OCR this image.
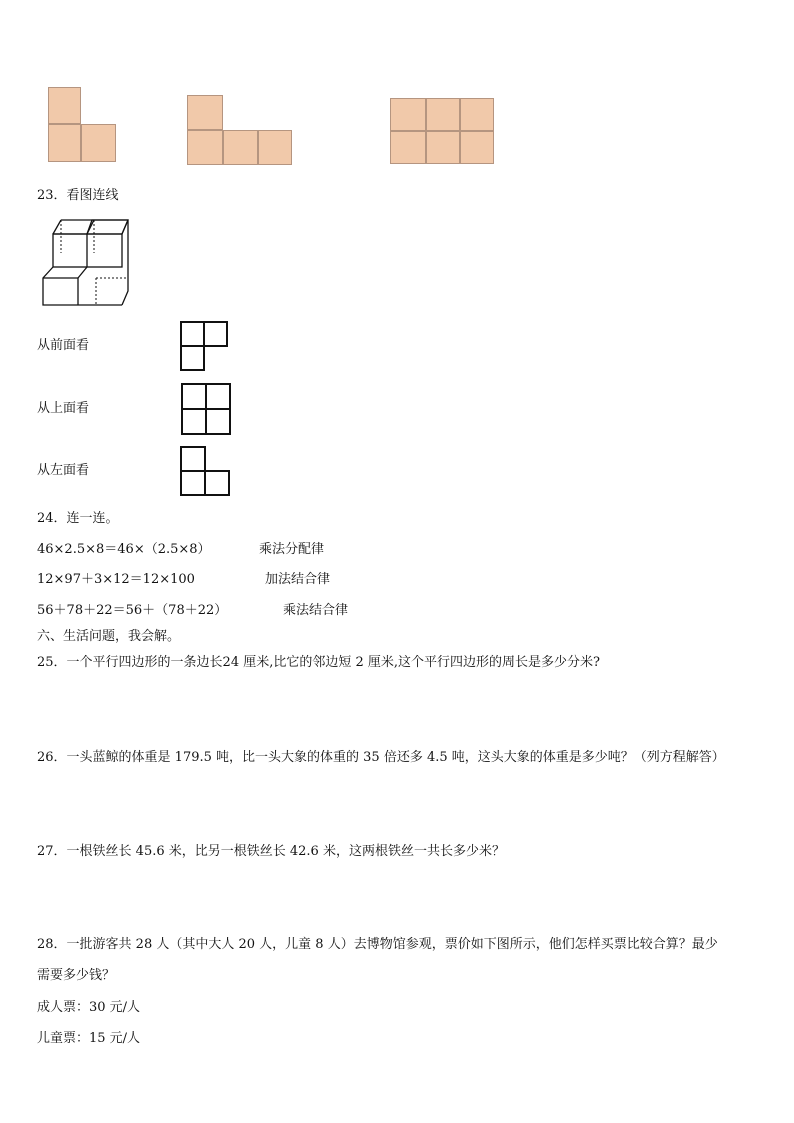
23．看图连线
从前面看
从上面看
从左面看
24．连一连。
46×2.5×8＝46×（2.5×8）
12×97＋3×12＝12×100
56＋78＋22＝56＋（78＋22）
乘法分配律
加法结合律
乘法结合律
六、生活问题，我会解。
25．一个平行四边形的一条边长24 厘米,比它的邻边短 2 厘米,这个平行四边形的周长是多少分米?
26．一头蓝鲸的体重是 179.5 吨，比一头大象的体重的 35 倍还多 4.5 吨，这头大象的体重是多少吨？（列方程解答）
27．一根铁丝长 45.6 米，比另一根铁丝长 42.6 米，这两根铁丝一共长多少米？
28．一批游客共 28 人（其中大人 20 人，儿童 8 人）去博物馆参观，票价如下图所示，他们怎样买票比较合算？最少
需要多少钱？
成人票：30 元/人
儿童票：15 元/人
